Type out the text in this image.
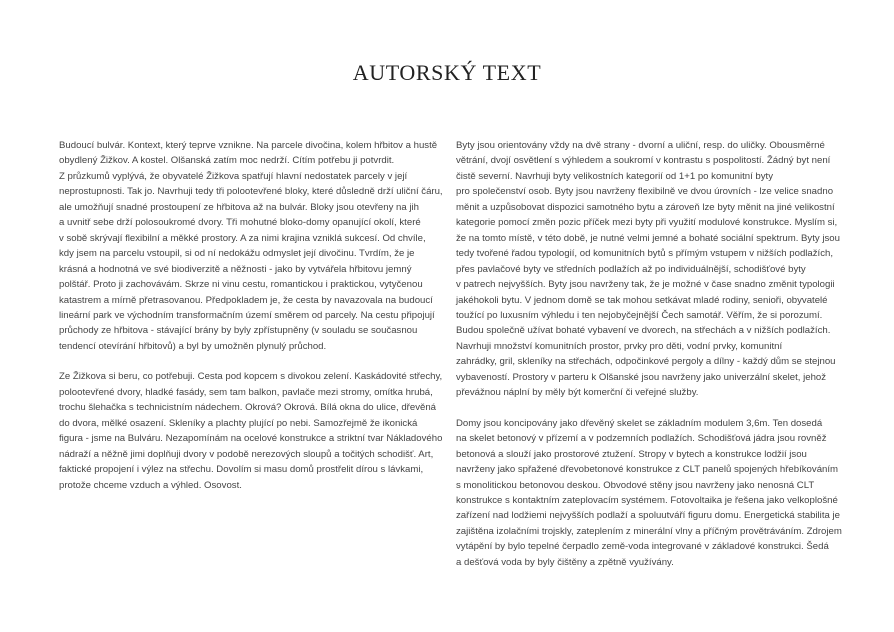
AUTORSKÝ TEXT

Budoucí bulvár. Kontext, který teprve vznikne. Na parcele divočina, kolem hřbitov a hustě
obydlený Žižkov. A kostel. Olšanská zatím moc nedrží. Cítím potřebu ji potvrdit.
Z průzkumů vyplývá, že obyvatelé Žižkova spatřují hlavní nedostatek parcely v její
neprostupnosti. Tak jo. Navrhuji tedy tři polootevřené bloky, které důsledně drží uliční čáru,
ale umožňují snadné prostoupení ze hřbitova až na bulvár. Bloky jsou otevřeny na jih
a uvnitř sebe drží polosoukromé dvory. Tři mohutné bloko-domy opanující okolí, které
v sobě skrývají flexibilní a měkké prostory. A za nimi krajina vzniklá sukcesí. Od chvíle,
kdy jsem na parcelu vstoupil, si od ní nedokážu odmyslet její divočinu. Tvrdím, že je
krásná a hodnotná ve své biodiverzitě a něžnosti - jako by vytvářela hřbitovu jemný
polštář. Proto ji zachovávám. Skrze ni vinu cestu, romantickou i praktickou, vytyčenou
katastrem a mírně přetrasovanou. Předpokladem je, že cesta by navazovala na budoucí
lineární park ve východním transformačním území směrem od parcely. Na cestu připojují
průchody ze hřbitova - stávající brány by byly zpřístupněny (v souladu se současnou
tendencí otevírání hřbitovů) a byl by umožněn plynulý průchod.

Ze Žižkova si beru, co potřebuji. Cesta pod kopcem s divokou zelení. Kaskádovité střechy,
polootevřené dvory, hladké fasády, sem tam balkon, pavlače mezi stromy, omítka hrubá,
trochu šlehačka s technicistním nádechem. Okrová? Okrová. Bílá okna do ulice, dřevěná
do dvora, mělké osazení. Skleníky a plachty plující po nebi. Samozřejmě že ikonická
figura - jsme na Bulváru. Nezapomínám na ocelové konstrukce a striktní tvar Nákladového
nádraží a něžně jimi doplňuji dvory v podobě nerezových sloupů a točitých schodišť. Art,
faktické propojení i výlez na střechu. Dovolím si masu domů prostřelit dírou s lávkami,
protože chceme vzduch a výhled. Osovost.

Byty jsou orientovány vždy na dvě strany - dvorní a uliční, resp. do uličky. Obousměrné
větrání, dvojí osvětlení s výhledem a soukromí v kontrastu s pospolitostí. Žádný byt není
čistě severní. Navrhuji byty velikostních kategorií od 1+1 po komunitní byty
pro společenství osob. Byty jsou navrženy flexibilně ve dvou úrovních - lze velice snadno
měnit a uzpůsobovat dispozici samotného bytu a zároveň lze byty měnit na jiné velikostní
kategorie pomocí změn pozic příček mezi byty při využití modulové konstrukce. Myslím si,
že na tomto místě, v této době, je nutné velmi jemné a bohaté sociální spektrum. Byty jsou
tedy tvořené řadou typologií, od komunitních bytů s přímým vstupem v nižších podlažích,
přes pavlačové byty ve středních podlažích až po individuálnější, schodišťové byty
v patrech nejvyšších. Byty jsou navrženy tak, že je možné v čase snadno změnit typologii
jakéhokoli bytu. V jednom domě se tak mohou setkávat mladé rodiny, senioři, obyvatelé
toužící po luxusním výhledu i ten nejobyčejnější Čech samotář. Věřím, že si porozumí.
Budou společně užívat bohaté vybavení ve dvorech, na střechách a v nižších podlažích.
Navrhuji množství komunitních prostor, prvky pro děti, vodní prvky, komunitní
zahrádky, gril, skleníky na střechách, odpočinkové pergoly a dílny - každý dům se stejnou
vybaveností. Prostory v parteru k Olšanské jsou navrženy jako univerzální skelet, jehož
převážnou náplní by měly být komerční či veřejné služby.

Domy jsou koncipovány jako dřevěný skelet se základním modulem 3,6m. Ten dosedá
na skelet betonový v přízemí a v podzemních podlažích. Schodišťová jádra jsou rovněž
betonová a slouží jako prostorové ztužení. Stropy v bytech a konstrukce lodžií jsou
navrženy jako spřažené dřevobetonové konstrukce z CLT panelů spojených hřebíkováním
s monolitickou betonovou deskou. Obvodové stěny jsou navrženy jako nenosná CLT
konstrukce s kontaktním zateplovacím systémem. Fotovoltaika je řešena jako velkoplošné
zařízení nad lodžiemi nejvyšších podlaží a spoluutváří figuru domu. Energetická stabilita je
zajištěna izolačními trojskly, zateplením z minerální vlny a příčným provětráváním. Zdrojem
vytápění by bylo tepelné čerpadlo země-voda integrované v základové konstrukci. Šedá
a dešťová voda by byly čištěny a zpětně využívány.
